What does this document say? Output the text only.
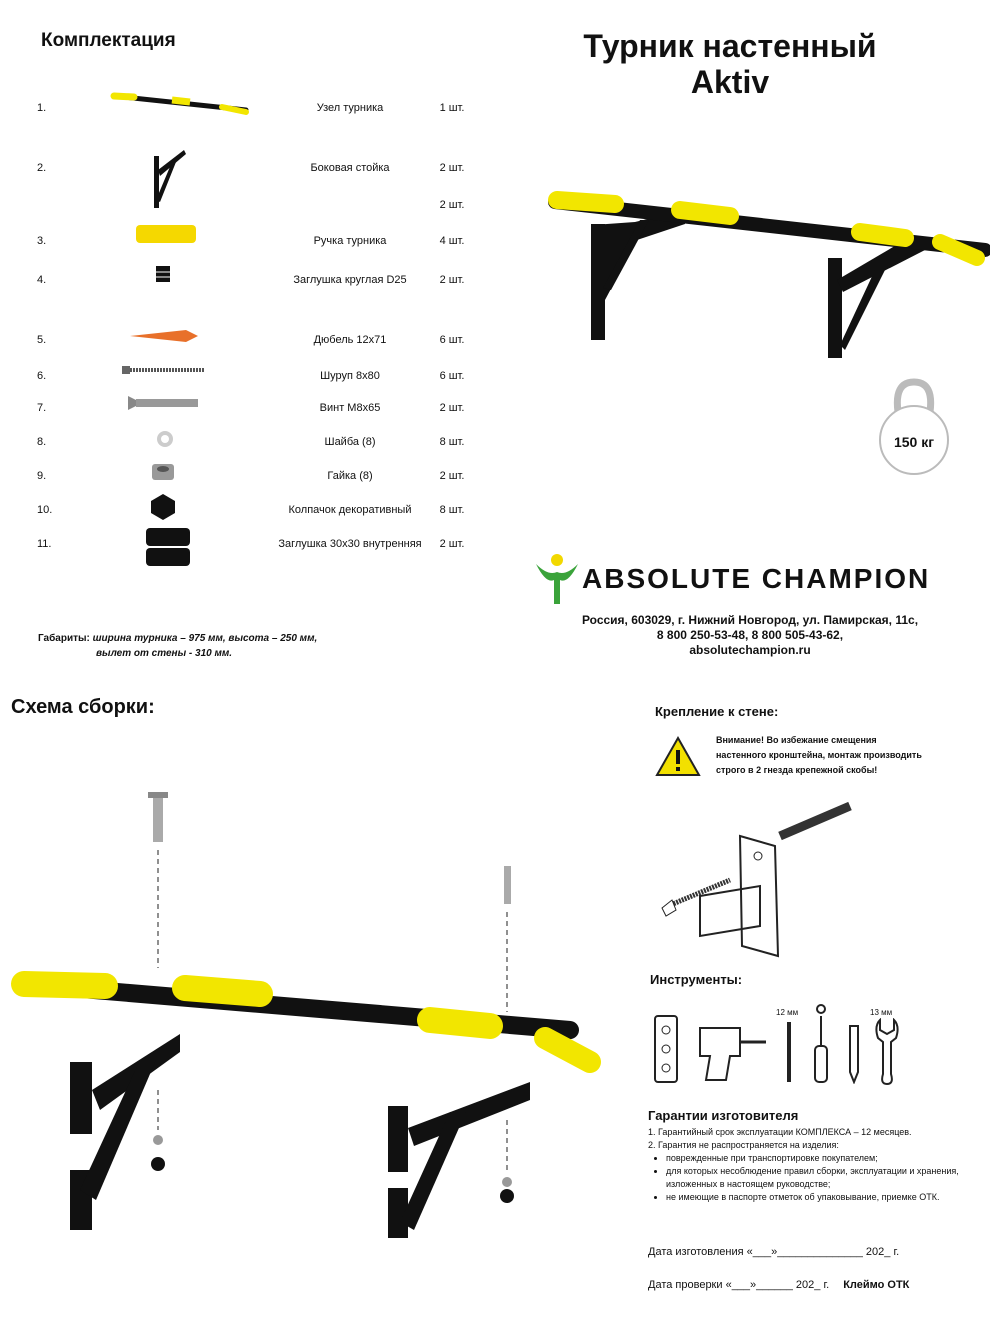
Комплектация	Турник настенный
Aktiv
1.	Узел турника	1 шт.
2.	Боковая стойка	2 шт.
2 шт.
3.	Ручка турника	4 шт.
4.	Заглушка круглая D25	2 шт.
5.	Дюбель 12х71	6 шт.
6.	Шуруп 8х80	6 шт.
7.	Винт М8х65	2 шт.
8.	Шайба (8)	8 шт.
9.	Гайка (8)	2 шт.
10.	Колпачок декоративный	8 шт.
11.	Заглушка 30х30 внутренняя	2 шт.
Габариты: ширина турника – 975 мм, высота – 250 мм,
вылет от стены - 310 мм.
150 кг
ABSOLUTE CHAMPION
Россия, 603029, г. Нижний Новгород, ул. Памирская, 11с,
8 800 250-53-48, 8 800 505-43-62,
absolutechampion.ru
Схема сборки:	Крепление к стене:
Внимание! Во избежание смещения
настенного кронштейна, монтаж производить
строго в 2 гнезда крепежной скобы!
Инструменты:
12 мм	13 мм
Гарантии изготовителя
1. Гарантийный срок эксплуатации КОМПЛЕКСА – 12 месяцев.
2. Гарантия не распространяется на изделия:
• поврежденные при транспортировке покупателем;
• для которых несоблюдение правил сборки, эксплуатации и хранения, изложенных в настоящем руководстве;
• не имеющие в паспорте отметок об упаковывание, приемке ОТК.
Дата изготовления «___»______________ 202_ г.
Дата проверки «___»______ 202_ г. Клеймо ОТК
